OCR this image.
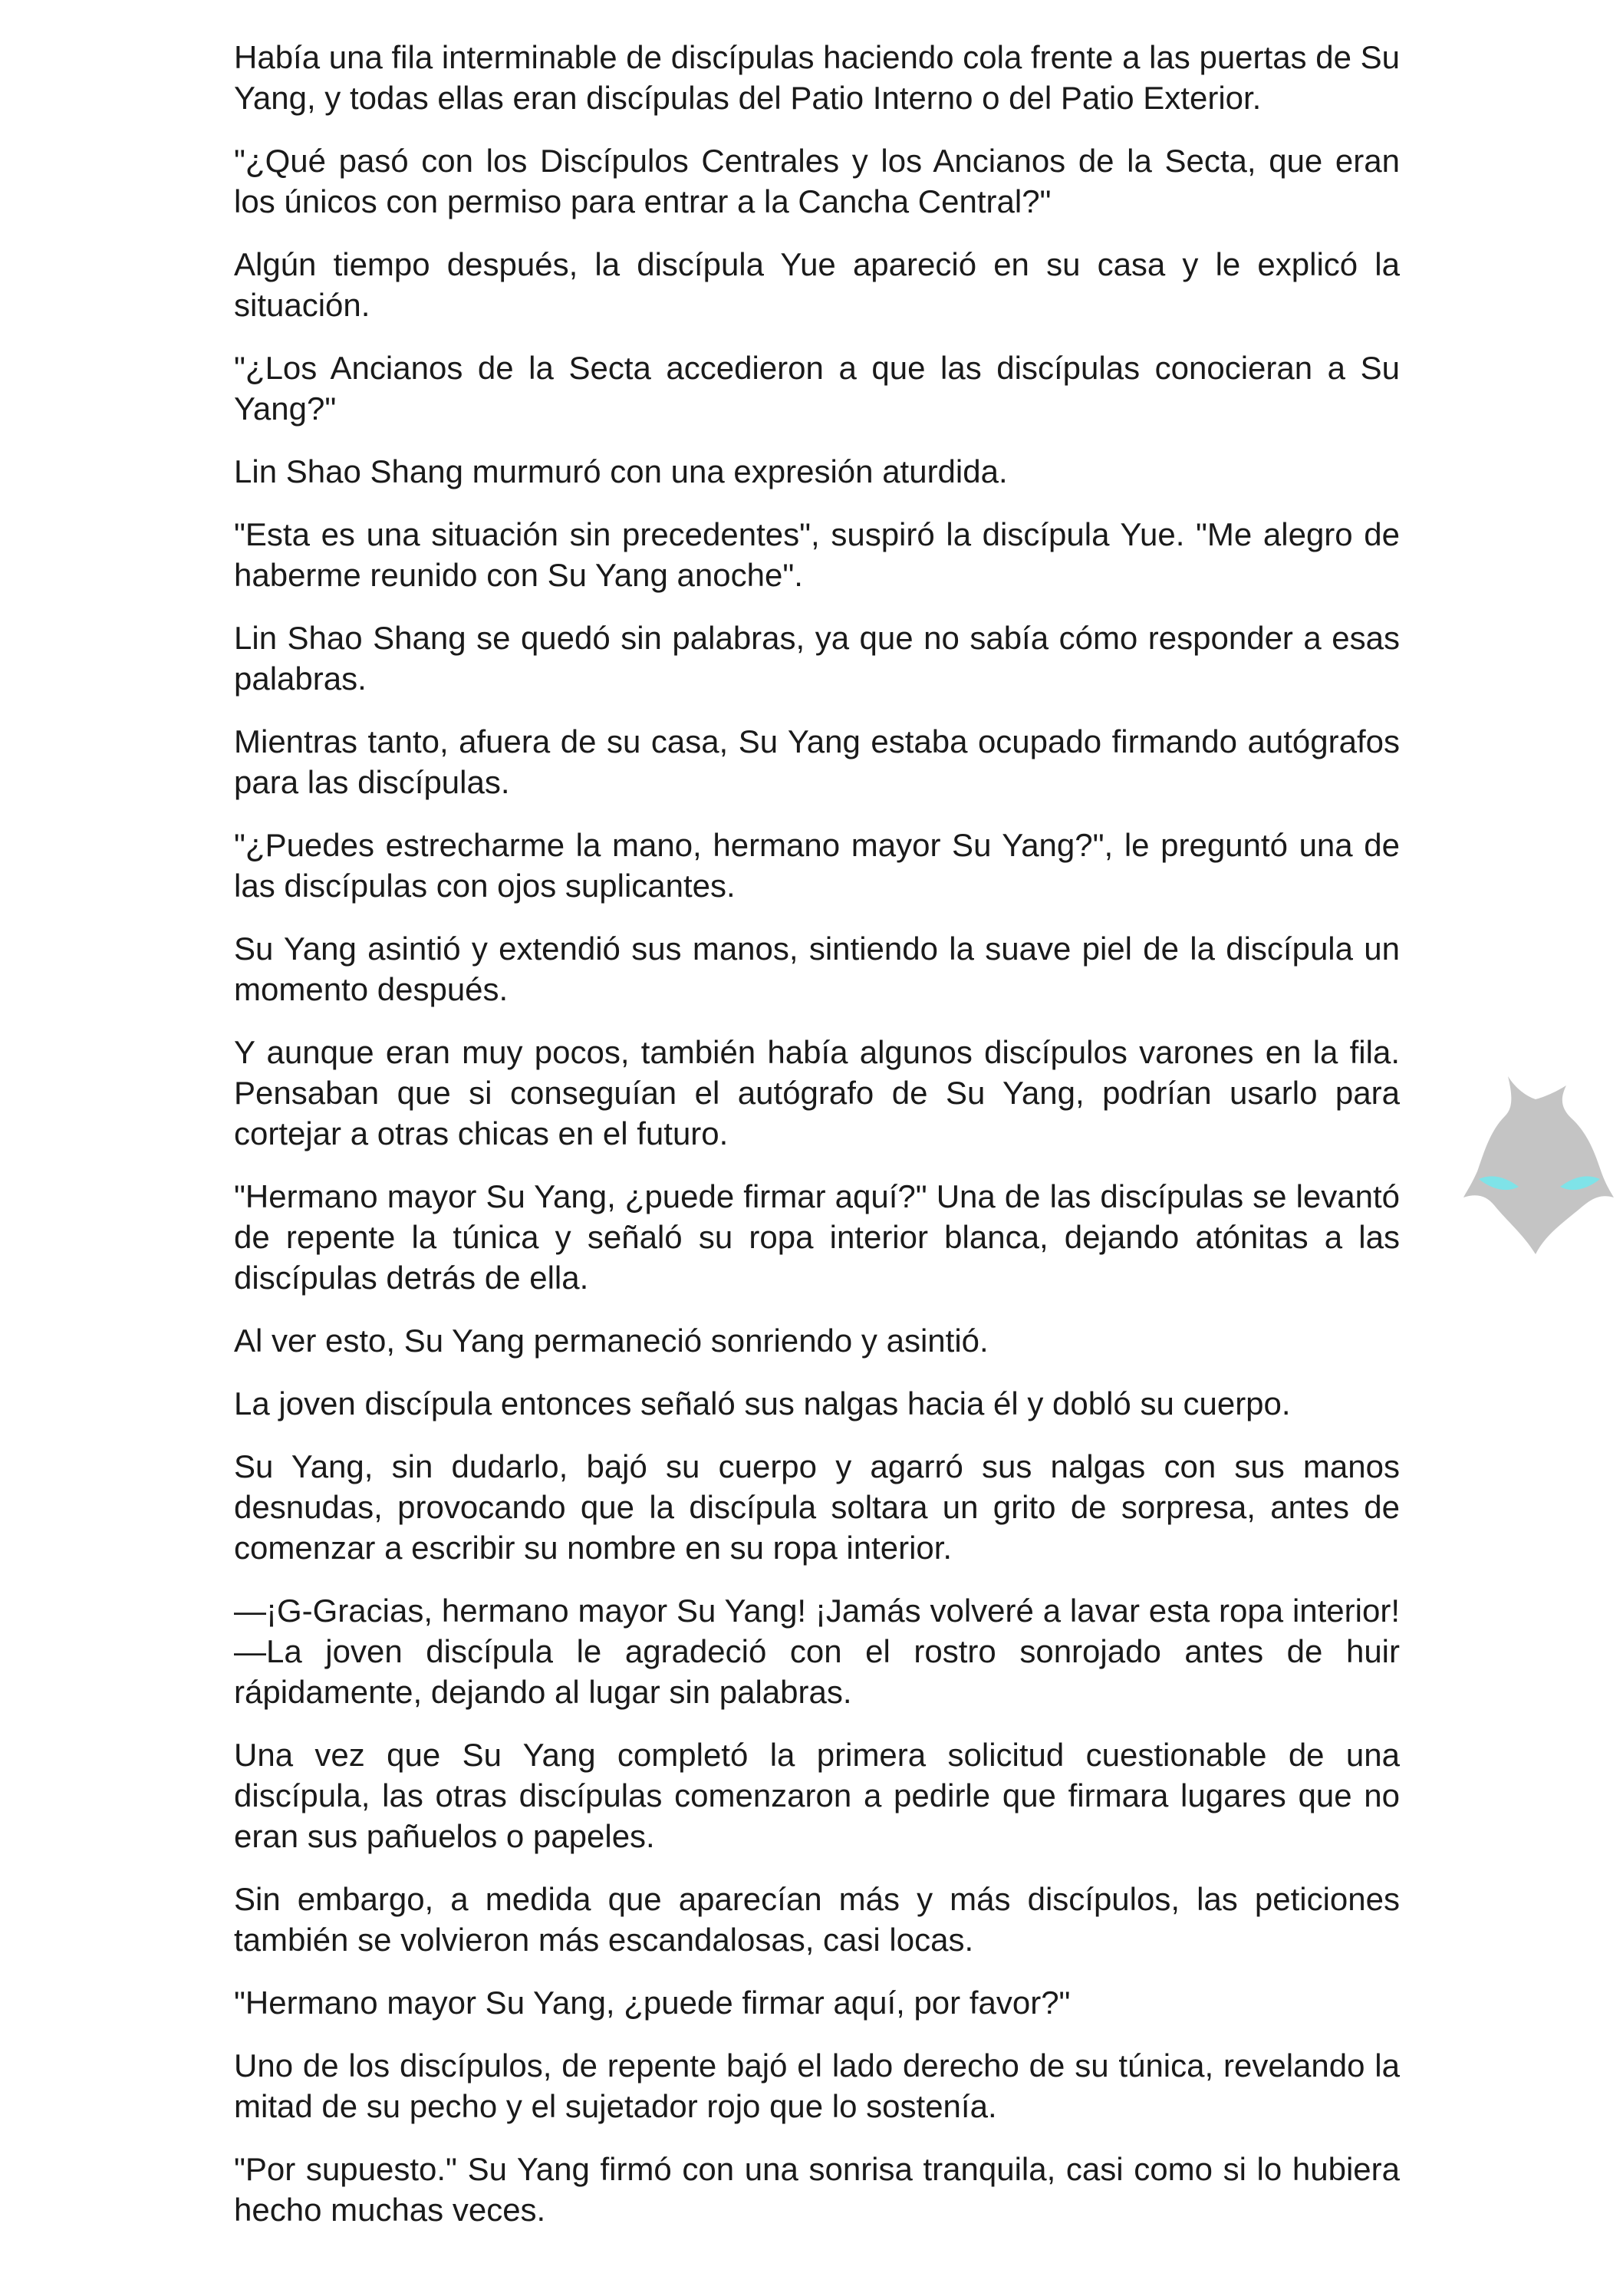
Había una fila interminable de discípulas haciendo cola frente a las puertas de Su Yang, y todas ellas eran discípulas del Patio Interno o del Patio Exterior.

"¿Qué pasó con los Discípulos Centrales y los Ancianos de la Secta, que eran los únicos con permiso para entrar a la Cancha Central?"

Algún tiempo después, la discípula Yue apareció en su casa y le explicó la situación.

"¿Los Ancianos de la Secta accedieron a que las discípulas conocieran a Su Yang?"

Lin Shao Shang murmuró con una expresión aturdida.

"Esta es una situación sin precedentes", suspiró la discípula Yue. "Me alegro de haberme reunido con Su Yang anoche".

Lin Shao Shang se quedó sin palabras, ya que no sabía cómo responder a esas palabras.

Mientras tanto, afuera de su casa, Su Yang estaba ocupado firmando autógrafos para las discípulas.

"¿Puedes estrecharme la mano, hermano mayor Su Yang?", le preguntó una de las discípulas con ojos suplicantes.

Su Yang asintió y extendió sus manos, sintiendo la suave piel de la discípula un momento después.

Y aunque eran muy pocos, también había algunos discípulos varones en la fila. Pensaban que si conseguían el autógrafo de Su Yang, podrían usarlo para cortejar a otras chicas en el futuro.

"Hermano mayor Su Yang, ¿puede firmar aquí?" Una de las discípulas se levantó de repente la túnica y señaló su ropa interior blanca, dejando atónitas a las discípulas detrás de ella.

Al ver esto, Su Yang permaneció sonriendo y asintió.

La joven discípula entonces señaló sus nalgas hacia él y dobló su cuerpo.

Su Yang, sin dudarlo, bajó su cuerpo y agarró sus nalgas con sus manos desnudas, provocando que la discípula soltara un grito de sorpresa, antes de comenzar a escribir su nombre en su ropa interior.

—¡G-Gracias, hermano mayor Su Yang! ¡Jamás volveré a lavar esta ropa interior! —La joven discípula le agradeció con el rostro sonrojado antes de huir rápidamente, dejando al lugar sin palabras.

Una vez que Su Yang completó la primera solicitud cuestionable de una discípula, las otras discípulas comenzaron a pedirle que firmara lugares que no eran sus pañuelos o papeles.

Sin embargo, a medida que aparecían más y más discípulos, las peticiones también se volvieron más escandalosas, casi locas.

"Hermano mayor Su Yang, ¿puede firmar aquí, por favor?"

Uno de los discípulos, de repente bajó el lado derecho de su túnica, revelando la mitad de su pecho y el sujetador rojo que lo sostenía.

"Por supuesto." Su Yang firmó con una sonrisa tranquila, casi como si lo hubiera hecho muchas veces.
